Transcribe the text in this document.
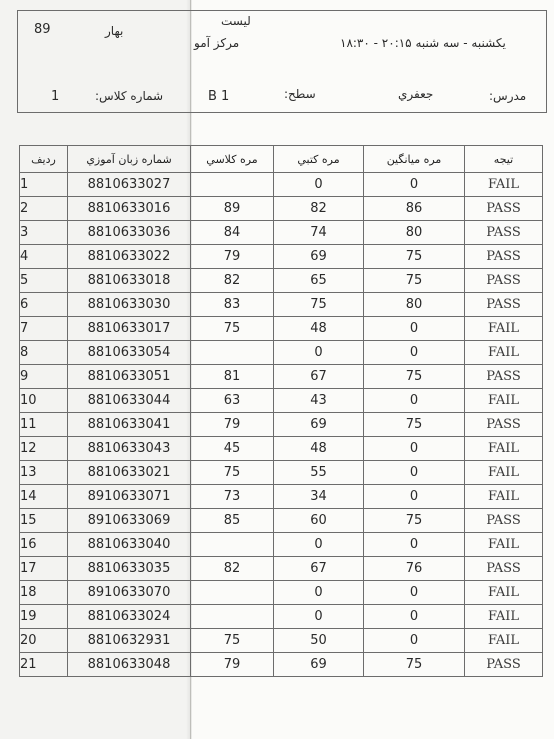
89	بهار
ليست
مركز آمو	يكشنبه - سه شنبه ۲۰:۱۵ - ۱۸:۳۰
1	شماره كلاس:	B 1	سطح:	جعفري	مدرس:
رديف	شماره زبان آموزي	مره كلاسي	مره كتبي	مره ميانگين	تيجه
1	8810633027		0	0	FAIL
2	8810633016	89	82	86	PASS
3	8810633036	84	74	80	PASS
4	8810633022	79	69	75	PASS
5	8810633018	82	65	75	PASS
6	8810633030	83	75	80	PASS
7	8810633017	75	48	0	FAIL
8	8810633054		0	0	FAIL
9	8810633051	81	67	75	PASS
10	8810633044	63	43	0	FAIL
11	8810633041	79	69	75	PASS
12	8810633043	45	48	0	FAIL
13	8810633021	75	55	0	FAIL
14	8910633071	73	34	0	FAIL
15	8910633069	85	60	75	PASS
16	8810633040		0	0	FAIL
17	8810633035	82	67	76	PASS
18	8910633070		0	0	FAIL
19	8810633024		0	0	FAIL
20	8810632931	75	50	0	FAIL
21	8810633048	79	69	75	PASS
